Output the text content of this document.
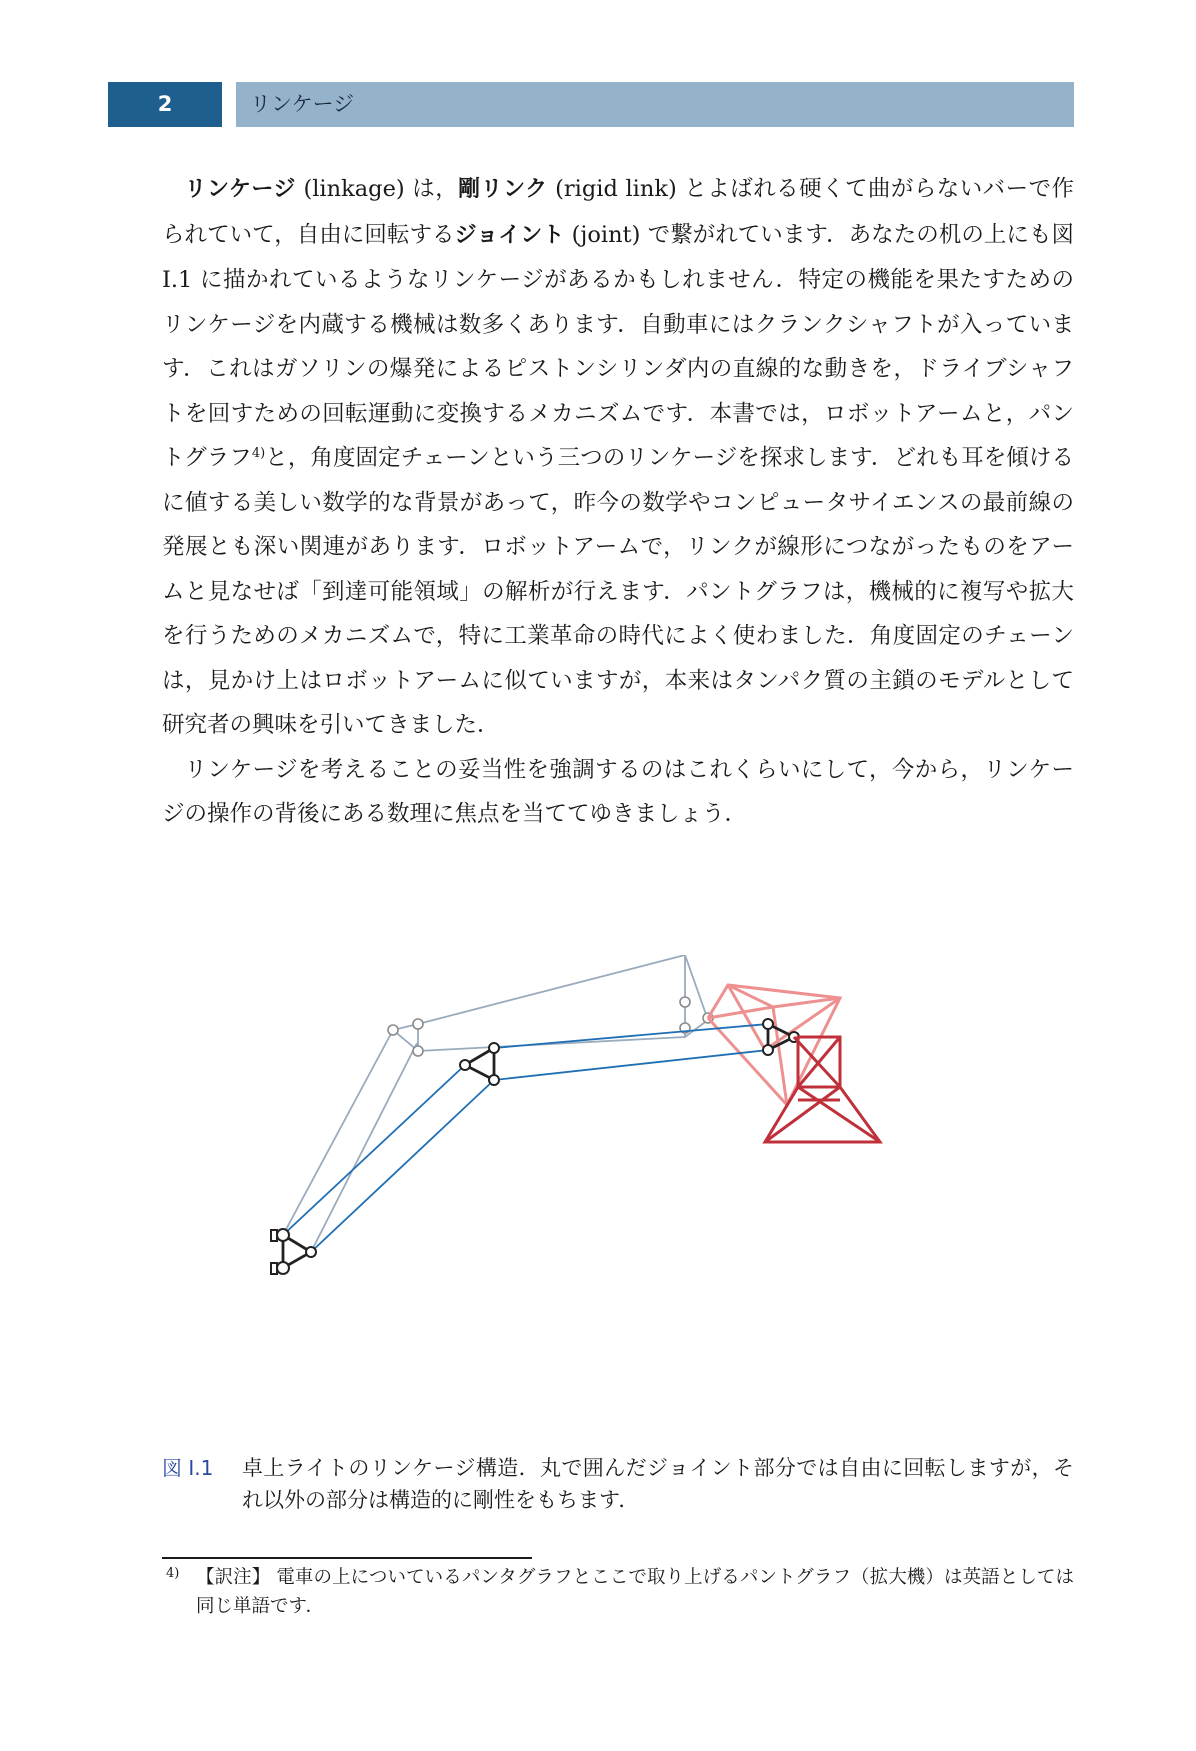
2	リンケージ

リンケージ (linkage) は，剛リンク (rigid link) とよばれる硬くて曲がらないバーで作られていて，自由に回転するジョイント (joint) で繋がれています．あなたの机の上にも図 I.1 に描かれているようなリンケージがあるかもしれません．特定の機能を果たすためのリンケージを内蔵する機械は数多くあります．自動車にはクランクシャフトが入っています．これはガソリンの爆発によるピストンシリンダ内の直線的な動きを，ドライブシャフトを回すための回転運動に変換するメカニズムです．本書では，ロボットアームと，パントグラフ$^{4)}$と，角度固定チェーンという三つのリンケージを探求します．どれも耳を傾けるに値する美しい数学的な背景があって，昨今の数学やコンピュータサイエンスの最前線の発展とも深い関連があります．ロボットアームで，リンクが線形につながったものをアームと見なせば「到達可能領域」の解析が行えます．パントグラフは，機械的に複写や拡大を行うためのメカニズムで，特に工業革命の時代によく使わました．角度固定のチェーンは，見かけ上はロボットアームに似ていますが，本来はタンパク質の主鎖のモデルとして研究者の興味を引いてきました．

リンケージを考えることの妥当性を強調するのはこれくらいにして，今から，リンケージの操作の背後にある数理に焦点を当ててゆきましょう．

図 I.1 卓上ライトのリンケージ構造．丸で囲んだジョイント部分では自由に回転しますが，それ以外の部分は構造的に剛性をもちます．
4) 【訳注】 電車の上についているパンタグラフとここで取り上げるパントグラフ（拡大機）は英語としては同じ単語です．
